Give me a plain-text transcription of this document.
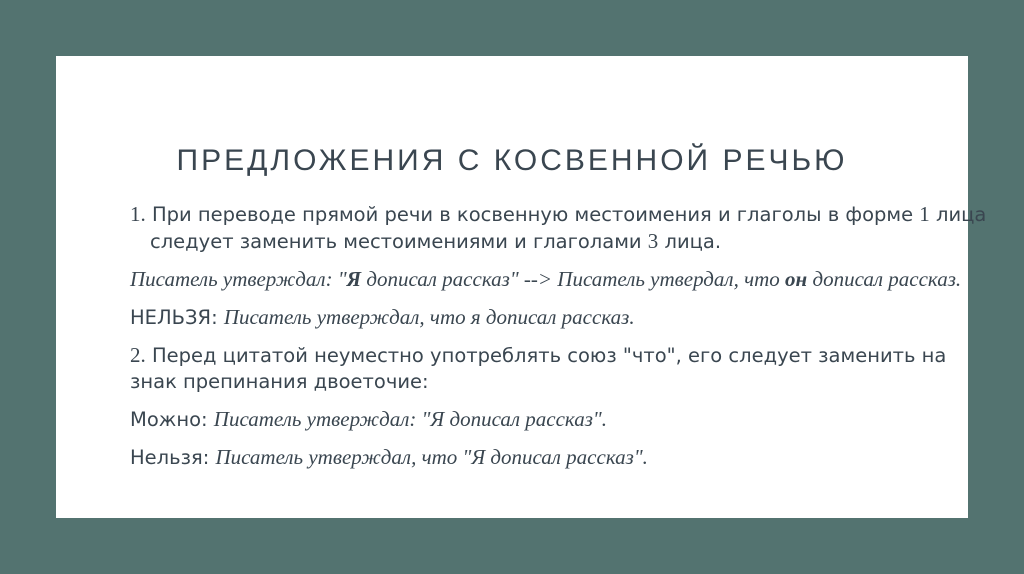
ПРЕДЛОЖЕНИЯ С КОСВЕННОЙ РЕЧЬЮ

1. При переводе прямой речи в косвенную местоимения и глаголы в форме 1 лица следует заменить местоимениями и глаголами 3 лица.

Писатель утверждал: "Я дописал рассказ" --> Писатель утвердал, что он дописал рассказ.

НЕЛЬЗЯ: Писатель утверждал, что я дописал рассказ.

2. Перед цитатой неуместно употреблять союз "что", его следует заменить на знак препинания двоеточие:

Можно: Писатель утверждал: "Я дописал рассказ".

Нельзя: Писатель утверждал, что "Я дописал рассказ".
